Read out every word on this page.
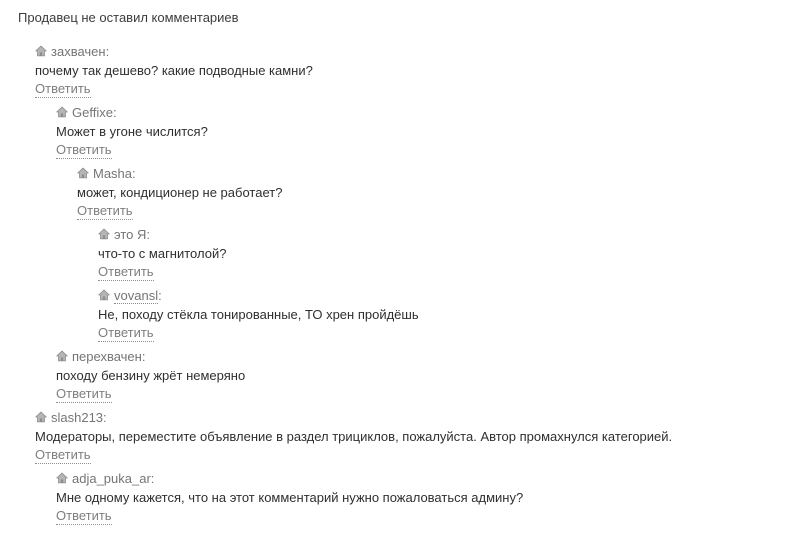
Продавец не оставил комментариев
захвачен:
почему так дешево? какие подводные камни?
Ответить
Geffixe:
Может в угоне числится?
Ответить
Masha:
может, кондиционер не работает?
Ответить
это Я:
что-то с магнитолой?
Ответить
vovansl:
Не, походу стёкла тонированные, ТО хрен пройдёшь
Ответить
перехвачен:
походу бензину жрёт немеряно
Ответить
slash213:
Модераторы, переместите объявление в раздел трициклов, пожалуйста. Автор промахнулся категорией.
Ответить
adja_puka_ar:
Мне одному кажется, что на этот комментарий нужно пожаловаться админу?
Ответить
